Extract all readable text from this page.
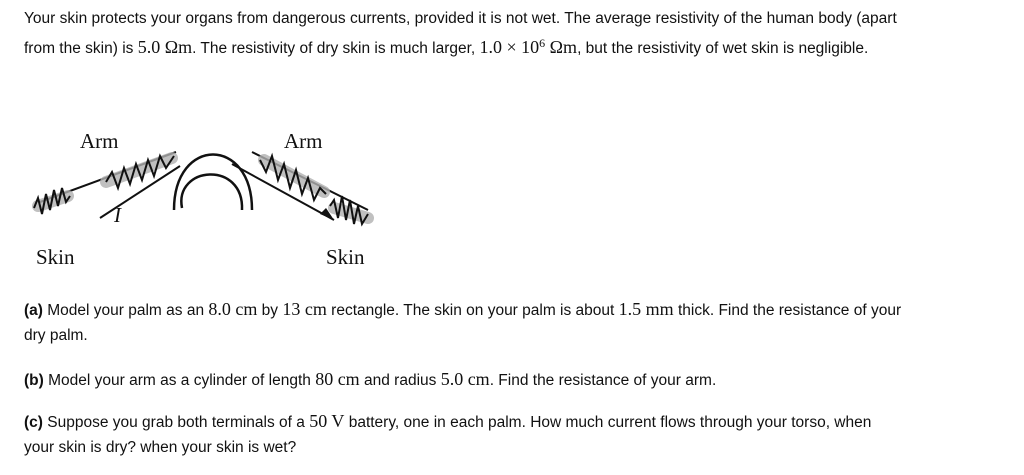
Your skin protects your organs from dangerous currents, provided it is not wet. The average resistivity of the human body (apart from the skin) is 5.0 Ωm. The resistivity of dry skin is much larger, $1.0 \times 10^6$ Ωm, but the resistivity of wet skin is negligible.

Arm	Arm
I
Skin	Skin

(a) Model your palm as an 8.0 cm by 13 cm rectangle. The skin on your palm is about 1.5 mm thick. Find the resistance of your dry palm.

(b) Model your arm as a cylinder of length 80 cm and radius 5.0 cm. Find the resistance of your arm.

(c) Suppose you grab both terminals of a 50 V battery, one in each palm. How much current flows through your torso, when your skin is dry? when your skin is wet?
